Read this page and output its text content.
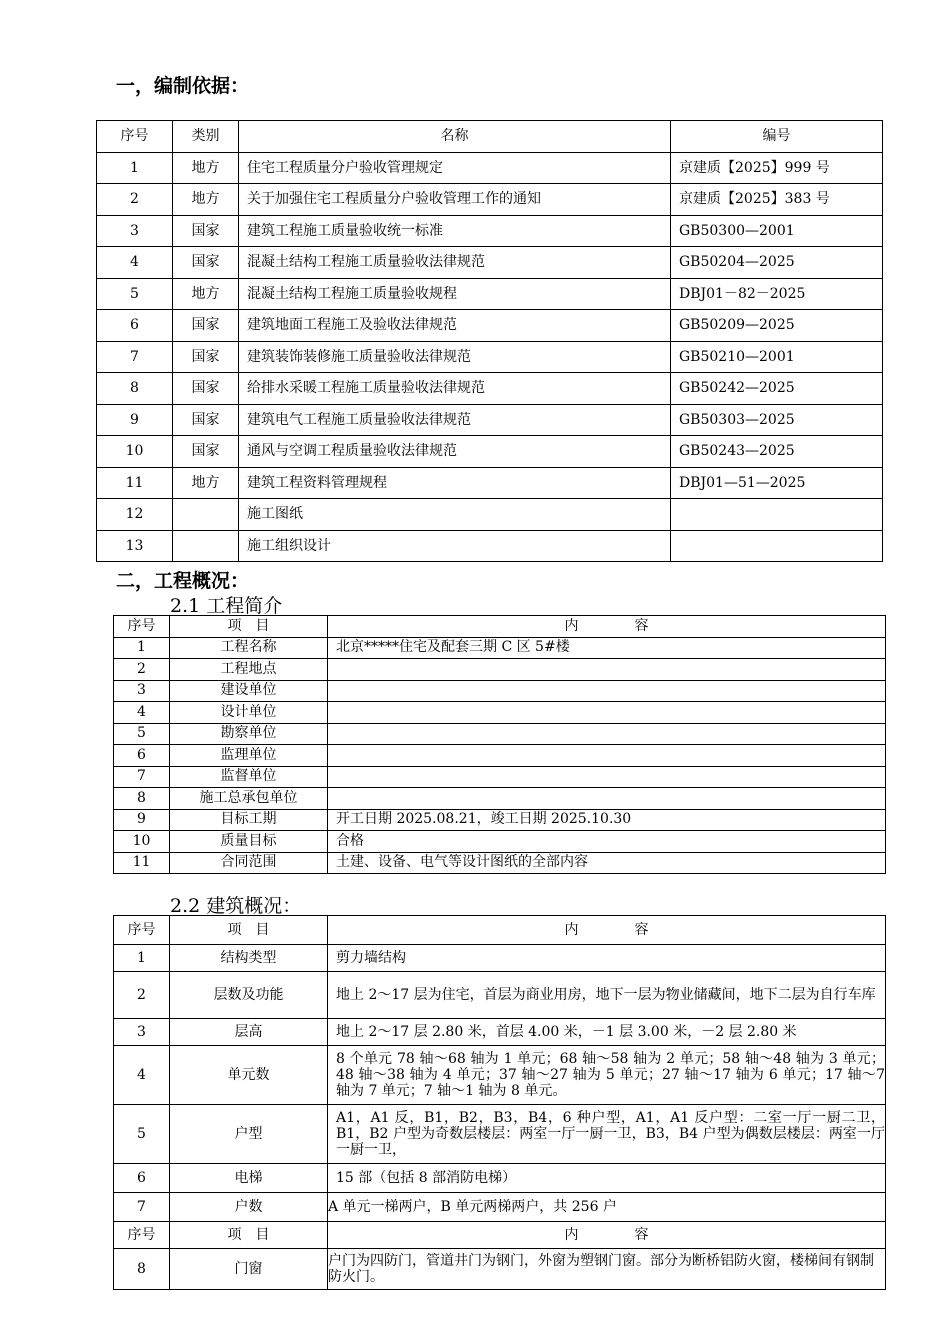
一，编制依据：
序号	类别	名称	编号
1	地方	住宅工程质量分户验收管理规定	京建质【2025】999 号
2	地方	关于加强住宅工程质量分户验收管理工作的通知	京建质【2025】383 号
3	国家	建筑工程施工质量验收统一标准	GB50300—2001
4	国家	混凝土结构工程施工质量验收法律规范	GB50204—2025
5	地方	混凝土结构工程施工质量验收规程	DBJ01－82－2025
6	国家	建筑地面工程施工及验收法律规范	GB50209—2025
7	国家	建筑装饰装修施工质量验收法律规范	GB50210—2001
8	国家	给排水采暖工程施工质量验收法律规范	GB50242—2025
9	国家	建筑电气工程施工质量验收法律规范	GB50303—2025
10	国家	通风与空调工程质量验收法律规范	GB50243—2025
11	地方	建筑工程资料管理规程	DBJ01—51—2025
12		施工图纸	
13		施工组织设计	
二，工程概况：
2.1 工程简介
序号	项　目	内　　　　容
1	工程名称	北京*****住宅及配套三期 C 区 5#楼
2	工程地点	
3	建设单位	
4	设计单位	
5	勘察单位	
6	监理单位	
7	监督单位	
8	施工总承包单位	
9	目标工期	开工日期 2025.08.21，竣工日期 2025.10.30
10	质量目标	合格
11	合同范围	土建、设备、电气等设计图纸的全部内容
2.2 建筑概况：
序号	项　目	内　　　　容
1	结构类型	剪力墙结构
2	层数及功能	地上 2～17 层为住宅，首层为商业用房，地下一层为物业储藏间，地下二层为自行车库
3	层高	地上 2～17 层 2.80 米，首层 4.00 米，－1 层 3.00 米，－2 层 2.80 米
4	单元数	8 个单元 78 轴～68 轴为 1 单元；68 轴～58 轴为 2 单元；58 轴～48 轴为 3 单元；48 轴～38 轴为 4 单元；37 轴～27 轴为 5 单元；27 轴～17 轴为 6 单元；17 轴～7 轴为 7 单元；7 轴～1 轴为 8 单元。
5	户型	A1，A1 反，B1，B2，B3，B4，6 种户型，A1，A1 反户型：二室一厅一厨二卫，B1，B2 户型为奇数层楼层：两室一厅一厨一卫，B3，B4 户型为偶数层楼层：两室一厅一厨一卫，
6	电梯	15 部（包括 8 部消防电梯）
7	户数	A 单元一梯两户，B 单元两梯两户，共 256 户
序号	项　目	内　　　　容
8	门窗	户门为四防门，管道井门为钢门，外窗为塑钢门窗。部分为断桥铝防火窗，楼梯间有钢制防火门。
